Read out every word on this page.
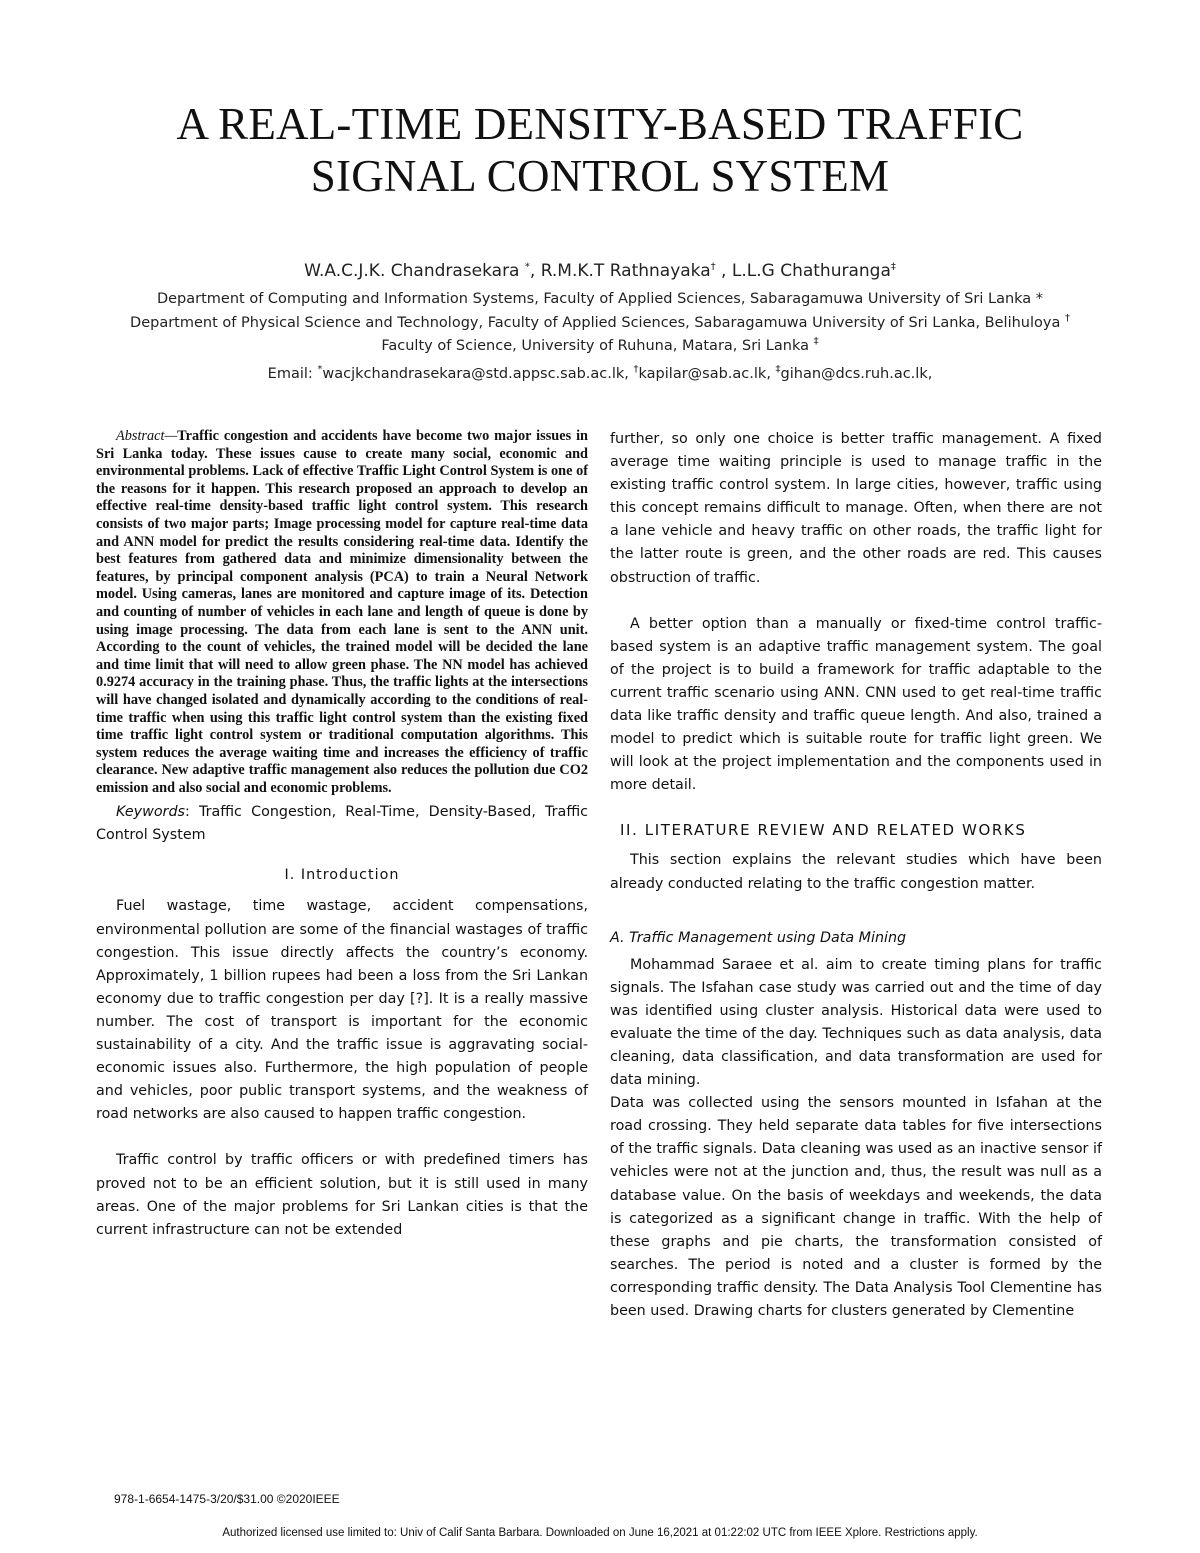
A REAL-TIME DENSITY-BASED TRAFFIC
SIGNAL CONTROL SYSTEM
W.A.C.J.K. Chandrasekara *, R.M.K.T Rathnayaka† , L.L.G Chathuranga‡
Department of Computing and Information Systems, Faculty of Applied Sciences, Sabaragamuwa University of Sri Lanka *
Department of Physical Science and Technology, Faculty of Applied Sciences, Sabaragamuwa University of Sri Lanka, Belihuloya †
Faculty of Science, University of Ruhuna, Matara, Sri Lanka ‡
Email: *wacjkchandrasekara@std.appsc.sab.ac.lk, †kapilar@sab.ac.lk, ‡gihan@dcs.ruh.ac.lk,

Abstract—Traffic congestion and accidents have become two major issues in Sri Lanka today. These issues cause to create many social, economic and environmental problems. Lack of effective Traffic Light Control System is one of the reasons for it happen. This research proposed an approach to develop an effective real-time density-based traffic light control system. This research consists of two major parts; Image processing model for capture real-time data and ANN model for predict the results considering real-time data. Identify the best features from gathered data and minimize dimensionality between the features, by principal component analysis (PCA) to train a Neural Network model. Using cameras, lanes are monitored and capture image of its. Detection and counting of number of vehicles in each lane and length of queue is done by using image processing. The data from each lane is sent to the ANN unit. According to the count of vehicles, the trained model will be decided the lane and time limit that will need to allow green phase. The NN model has achieved 0.9274 accuracy in the training phase. Thus, the traffic lights at the intersections will have changed isolated and dynamically according to the conditions of real-time traffic when using this traffic light control system than the existing fixed time traffic light control system or traditional computation algorithms. This system reduces the average waiting time and increases the efficiency of traffic clearance. New adaptive traffic management also reduces the pollution due CO2 emission and also social and economic problems.

Keywords: Traffic Congestion, Real-Time, Density-Based, Traffic Control System

I. Introduction

Fuel wastage, time wastage, accident compensations, environmental pollution are some of the financial wastages of traffic congestion. This issue directly affects the country’s economy. Approximately, 1 billion rupees had been a loss from the Sri Lankan economy due to traffic congestion per day [?]. It is a really massive number. The cost of transport is important for the economic sustainability of a city. And the traffic issue is aggravating social-economic issues also. Furthermore, the high population of people and vehicles, poor public transport systems, and the weakness of road networks are also caused to happen traffic congestion.

Traffic control by traffic officers or with predefined timers has proved not to be an efficient solution, but it is still used in many areas. One of the major problems for Sri Lankan cities is that the current infrastructure can not be extended

further, so only one choice is better traffic management. A fixed average time waiting principle is used to manage traffic in the existing traffic control system. In large cities, however, traffic using this concept remains difficult to manage. Often, when there are not a lane vehicle and heavy traffic on other roads, the traffic light for the latter route is green, and the other roads are red. This causes obstruction of traffic.

A better option than a manually or fixed-time control traffic-based system is an adaptive traffic management system. The goal of the project is to build a framework for traffic adaptable to the current traffic scenario using ANN. CNN used to get real-time traffic data like traffic density and traffic queue length. And also, trained a model to predict which is suitable route for traffic light green. We will look at the project implementation and the components used in more detail.

II. LITERATURE REVIEW AND RELATED WORKS

This section explains the relevant studies which have been already conducted relating to the traffic congestion matter.

A. Traffic Management using Data Mining

Mohammad Saraee et al. aim to create timing plans for traffic signals. The Isfahan case study was carried out and the time of day was identified using cluster analysis. Historical data were used to evaluate the time of the day. Techniques such as data analysis, data cleaning, data classification, and data transformation are used for data mining.

Data was collected using the sensors mounted in Isfahan at the road crossing. They held separate data tables for five intersections of the traffic signals. Data cleaning was used as an inactive sensor if vehicles were not at the junction and, thus, the result was null as a database value. On the basis of weekdays and weekends, the data is categorized as a significant change in traffic. With the help of these graphs and pie charts, the transformation consisted of searches. The period is noted and a cluster is formed by the corresponding traffic density. The Data Analysis Tool Clementine has been used. Drawing charts for clusters generated by Clementine

978-1-6654-1475-3/20/$31.00 ©2020IEEE
Authorized licensed use limited to: Univ of Calif Santa Barbara. Downloaded on June 16,2021 at 01:22:02 UTC from IEEE Xplore. Restrictions apply.
